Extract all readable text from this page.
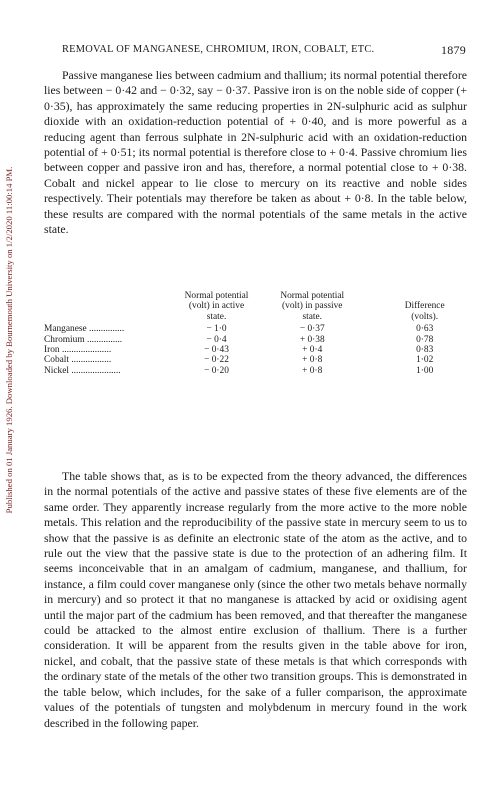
Published on 01 January 1926. Downloaded by Bournemouth University on 1/2/2020 11:00:14 PM.
REMOVAL OF MANGANESE, CHROMIUM, IRON, COBALT, ETC.	1879

Passive manganese lies between cadmium and thallium; its normal potential therefore lies between − 0·42 and − 0·32, say − 0·37. Passive iron is on the noble side of copper (+ 0·35), has approximately the same reducing properties in 2N-sulphuric acid as sulphur dioxide with an oxidation-reduction potential of + 0·40, and is more powerful as a reducing agent than ferrous sulphate in 2N-sulphuric acid with an oxidation-reduction potential of + 0·51; its normal potential is therefore close to + 0·4. Passive chromium lies between copper and passive iron and has, therefore, a normal potential close to + 0·38. Cobalt and nickel appear to lie close to mercury on its reactive and noble sides respectively. Their potentials may therefore be taken as about + 0·8. In the table below, these results are compared with the normal potentials of the same metals in the active state.

	Normal potential
(volt) in active
state.	Normal potential
(volt) in passive
state.		Difference
(volts).

Manganese ...............	− 1·0	− 0·37		0·63
Chromium ...............	− 0·4	+ 0·38		0·78
Iron .....................	− 0·43	+ 0·4		0·83
Cobalt .................	− 0·22	+ 0·8		1·02
Nickel .....................	− 0·20	+ 0·8		1·00

The table shows that, as is to be expected from the theory advanced, the differences in the normal potentials of the active and passive states of these five elements are of the same order. They apparently increase regularly from the more active to the more noble metals. This relation and the reproducibility of the passive state in mercury seem to us to show that the passive is as definite an electronic state of the atom as the active, and to rule out the view that the passive state is due to the protection of an adhering film. It seems inconceivable that in an amalgam of cadmium, manganese, and thallium, for instance, a film could cover manganese only (since the other two metals behave normally in mercury) and so protect it that no manganese is attacked by acid or oxidising agent until the major part of the cadmium has been removed, and that thereafter the manganese could be attacked to the almost entire exclusion of thallium. There is a further consideration. It will be apparent from the results given in the table above for iron, nickel, and cobalt, that the passive state of these metals is that which corresponds with the ordinary state of the metals of the other two transition groups. This is demonstrated in the table below, which includes, for the sake of a fuller comparison, the approximate values of the potentials of tungsten and molybdenum in mercury found in the work described in the following paper.
